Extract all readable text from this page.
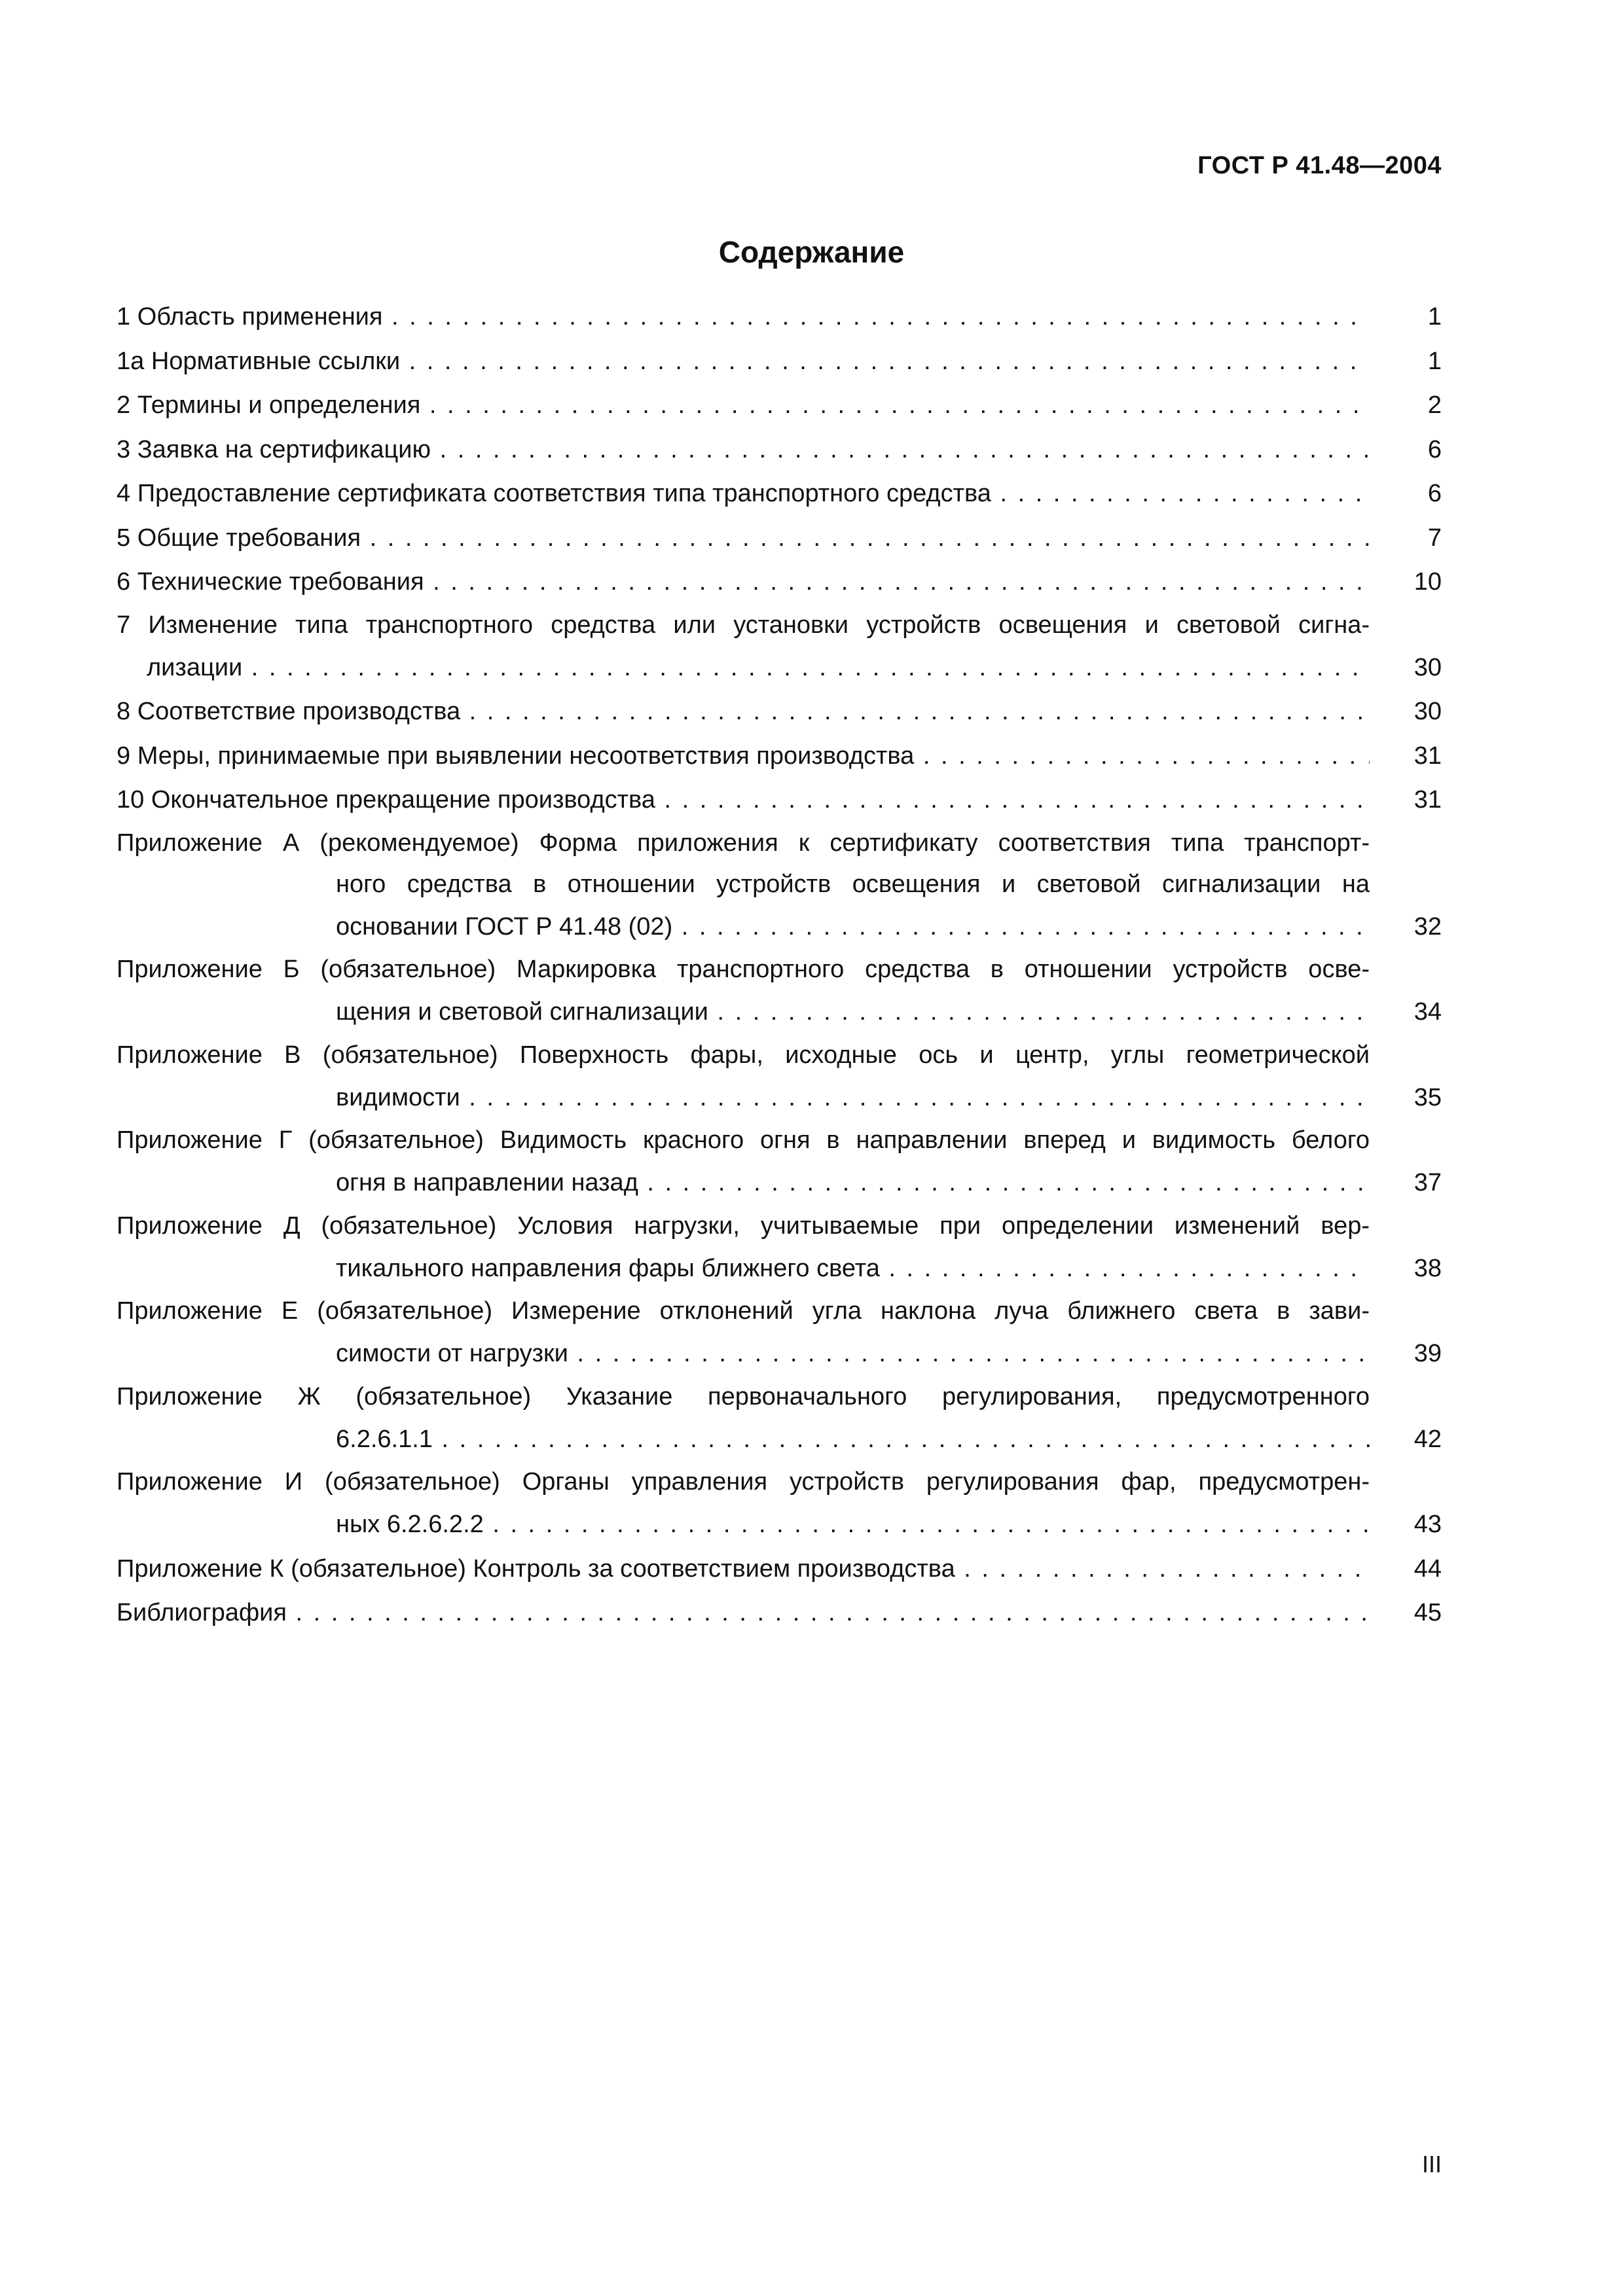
ГОСТ Р 41.48—2004
Содержание
1 Область применения . . .	1
1а Нормативные ссылки . . .	1
2 Термины и определения . . .	2
3 Заявка на сертификацию . . .	6
4 Предоставление сертификата соответствия типа транспортного средства . . .	6
5 Общие требования . . .	7
6 Технические требования . . .	10
7 Изменение типа транспортного средства или установки устройств освещения и световой сигна-
лизации . . .	30
8 Соответствие производства . . .	30
9 Меры, принимаемые при выявлении несоответствия производства . . .	31
10 Окончательное прекращение производства . . .	31
Приложение А (рекомендуемое) Форма приложения к сертификату соответствия типа транспорт-
ного средства в отношении устройств освещения и световой сигнализации на
основании ГОСТ Р 41.48 (02) . . .	32
Приложение Б (обязательное) Маркировка транспортного средства в отношении устройств осве-
щения и световой сигнализации . . .	34
Приложение В (обязательное) Поверхность фары, исходные ось и центр, углы геометрической
видимости . . .	35
Приложение Г (обязательное) Видимость красного огня в направлении вперед и видимость белого
огня в направлении назад . . .	37
Приложение Д (обязательное) Условия нагрузки, учитываемые при определении изменений вер-
тикального направления фары ближнего света . . .	38
Приложение Е (обязательное) Измерение отклонений угла наклона луча ближнего света в зави-
симости от нагрузки . . .	39
Приложение Ж (обязательное) Указание первоначального регулирования, предусмотренного
6.2.6.1.1 . . .	42
Приложение И (обязательное) Органы управления устройств регулирования фар, предусмотрен-
ных 6.2.6.2.2 . . .	43
Приложение К (обязательное) Контроль за соответствием производства . . .	44
Библиография . . .	45
III
